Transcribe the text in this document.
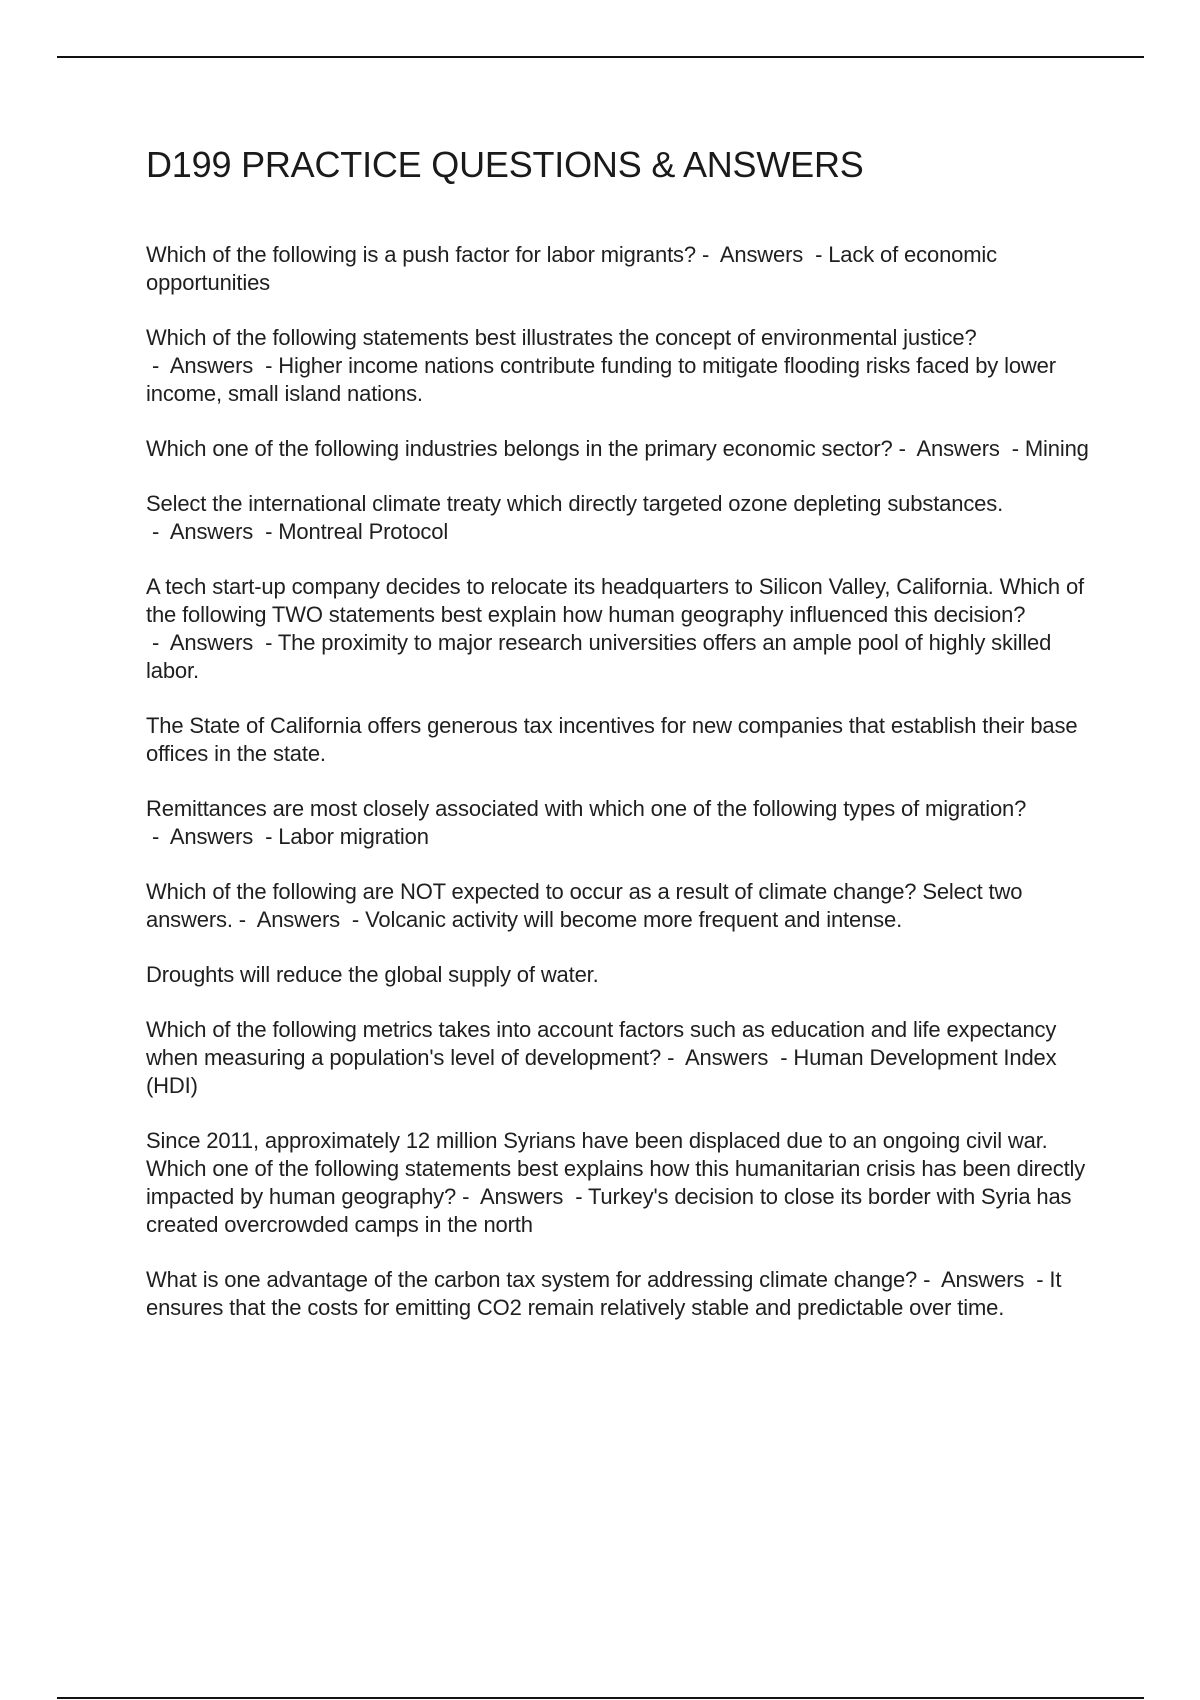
D199 PRACTICE QUESTIONS & ANSWERS

Which of the following is a push factor for labor migrants? -  Answers  - Lack of economic opportunities

Which of the following statements best illustrates the concept of environmental justice? -  Answers  - Higher income nations contribute funding to mitigate flooding risks faced by lower income, small island nations.

Which one of the following industries belongs in the primary economic sector? -  Answers  - Mining

Select the international climate treaty which directly targeted ozone depleting substances. -  Answers  - Montreal Protocol

A tech start-up company decides to relocate its headquarters to Silicon Valley, California. Which of the following TWO statements best explain how human geography influenced this decision?  -  Answers  - The proximity to major research universities offers an ample pool of highly skilled labor.

The State of California offers generous tax incentives for new companies that establish their base offices in the state.

Remittances are most closely associated with which one of the following types of migration? -  Answers  - Labor migration

Which of the following are NOT expected to occur as a result of climate change? Select two answers. -  Answers  - Volcanic activity will become more frequent and intense.

Droughts will reduce the global supply of water.

Which of the following metrics takes into account factors such as education and life expectancy when measuring a population's level of development? -  Answers  - Human Development Index (HDI)

Since 2011, approximately 12 million Syrians have been displaced due to an ongoing civil war. Which one of the following statements best explains how this humanitarian crisis has been directly impacted by human geography? -  Answers  - Turkey's decision to close its border with Syria has created overcrowded camps in the north

What is one advantage of the carbon tax system for addressing climate change? -  Answers  - It ensures that the costs for emitting CO2 remain relatively stable and predictable over time.
